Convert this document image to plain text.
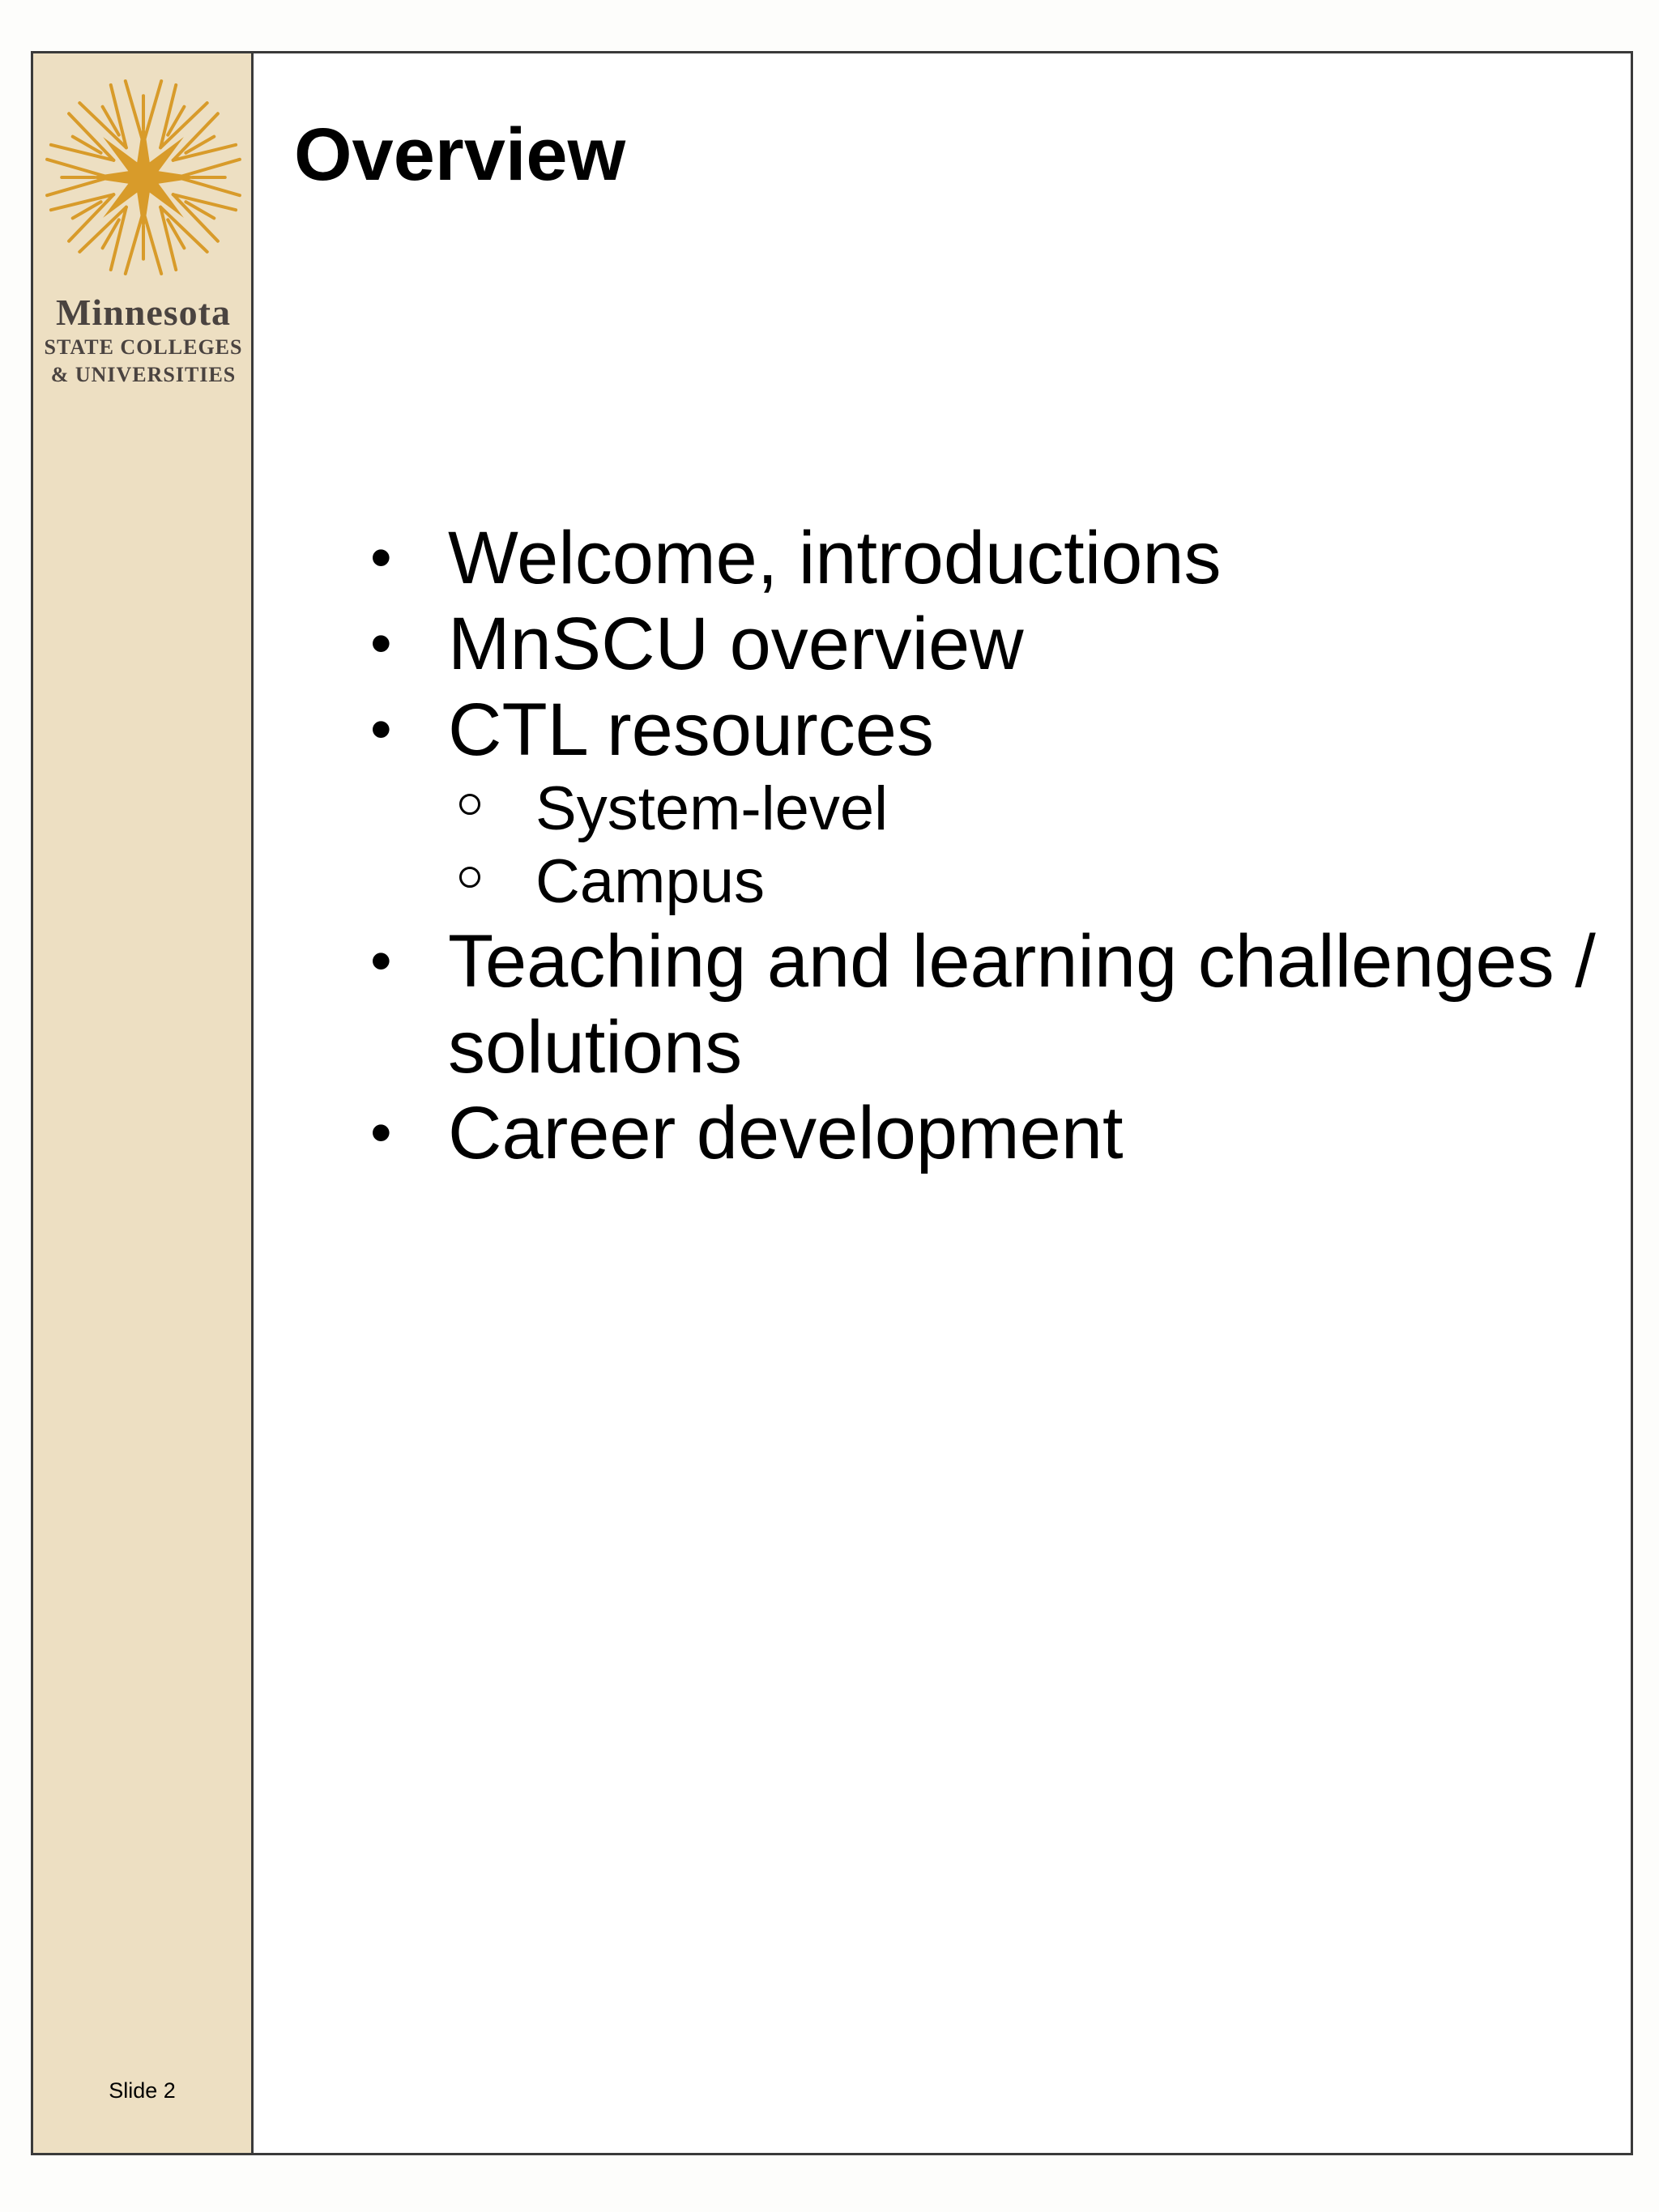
Minnesota
STATE COLLEGES
& UNIVERSITIES
Slide 2
Overview
• Welcome, introductions
• MnSCU overview
• CTL resources
System-level
Campus
• Teaching and learning challenges / solutions
• Career development
